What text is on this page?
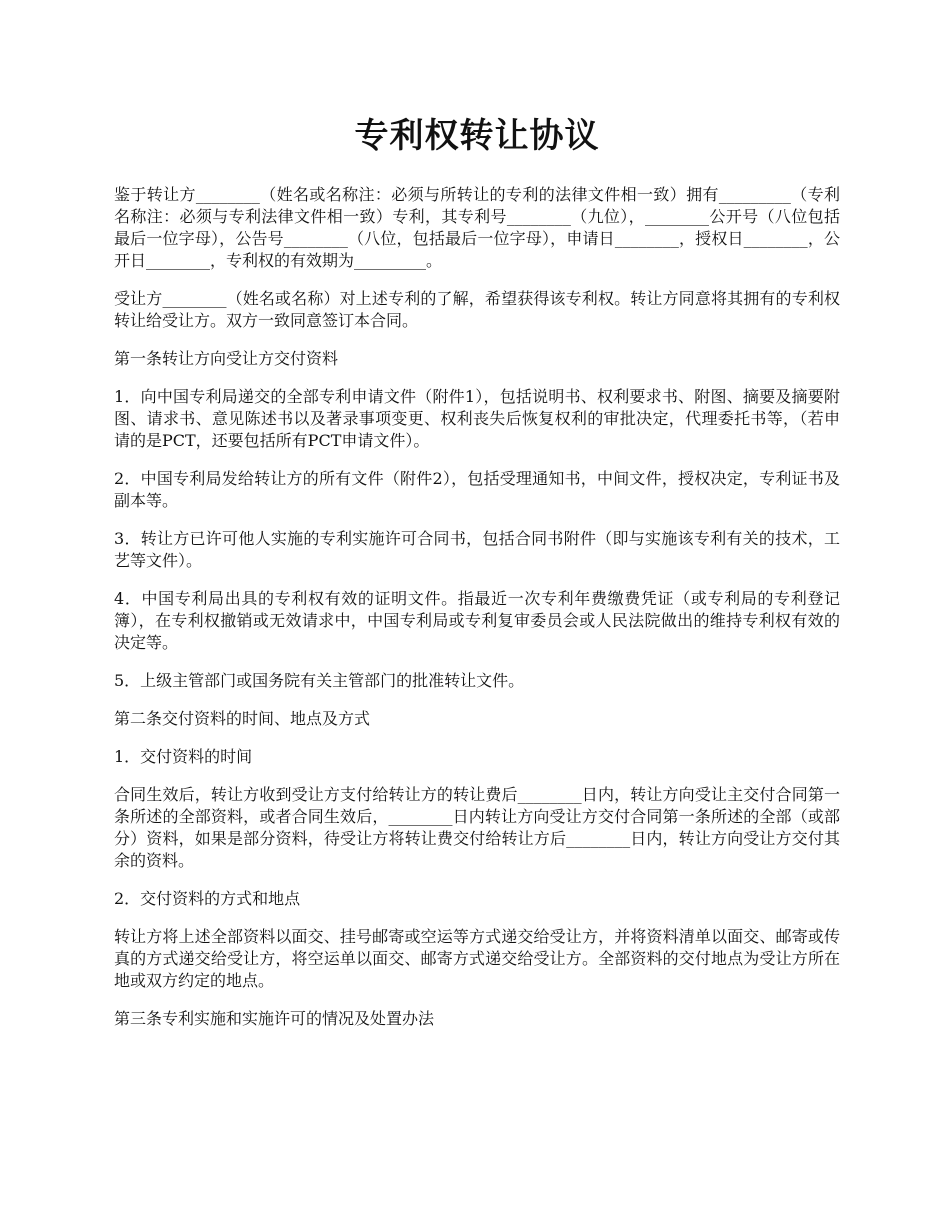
专利权转让协议

鉴于转让方________（姓名或名称注：必须与所转让的专利的法律文件相一致）拥有_________（专利名称注：必须与专利法律文件相一致）专利，其专利号________（九位），________公开号（八位包括最后一位字母），公告号________（八位，包括最后一位字母），申请日________，授权日________，公开日________，专利权的有效期为_________。

受让方________（姓名或名称）对上述专利的了解，希望获得该专利权。转让方同意将其拥有的专利权转让给受让方。双方一致同意签订本合同。

第一条转让方向受让方交付资料

1．向中国专利局递交的全部专利申请文件（附件1），包括说明书、权利要求书、附图、摘要及摘要附图、请求书、意见陈述书以及著录事项变更、权利丧失后恢复权利的审批决定，代理委托书等，（若申请的是PCT，还要包括所有PCT申请文件）。

2．中国专利局发给转让方的所有文件（附件2），包括受理通知书，中间文件，授权决定，专利证书及副本等。

3．转让方已许可他人实施的专利实施许可合同书，包括合同书附件（即与实施该专利有关的技术，工艺等文件）。

4．中国专利局出具的专利权有效的证明文件。指最近一次专利年费缴费凭证（或专利局的专利登记簿），在专利权撤销或无效请求中，中国专利局或专利复审委员会或人民法院做出的维持专利权有效的决定等。

5．上级主管部门或国务院有关主管部门的批准转让文件。

第二条交付资料的时间、地点及方式

1．交付资料的时间

合同生效后，转让方收到受让方支付给转让方的转让费后________日内，转让方向受让主交付合同第一条所述的全部资料，或者合同生效后，________日内转让方向受让方交付合同第一条所述的全部（或部分）资料，如果是部分资料，待受让方将转让费交付给转让方后________日内，转让方向受让方交付其余的资料。

2．交付资料的方式和地点

转让方将上述全部资料以面交、挂号邮寄或空运等方式递交给受让方，并将资料清单以面交、邮寄或传真的方式递交给受让方，将空运单以面交、邮寄方式递交给受让方。全部资料的交付地点为受让方所在地或双方约定的地点。

第三条专利实施和实施许可的情况及处置办法
